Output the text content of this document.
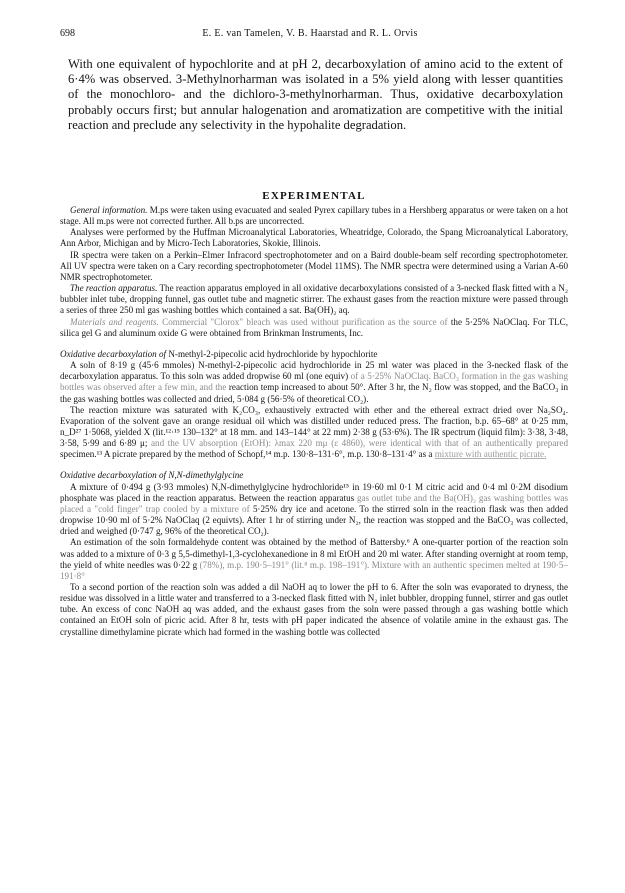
698	E. E. van Tamelen, V. B. Haarstad and R. L. Orvis

With one equivalent of hypochlorite and at pH 2, decarboxylation of amino acid to the extent of 6·4% was observed. 3-Methylnorharman was isolated in a 5% yield along with lesser quantities of the monochloro- and the dichloro-3-methylnorharman. Thus, oxidative decarboxylation probably occurs first; but annular halogenation and aromatization are competitive with the initial reaction and preclude any selectivity in the hypohalite degradation.

EXPERIMENTAL

General information. M.ps were taken using evacuated and sealed Pyrex capillary tubes in a Hershberg apparatus or were taken on a hot stage. All m.ps were not corrected further. All b.ps are uncorrected.

Analyses were performed by the Huffman Microanalytical Laboratories, Wheatridge, Colorado, the Spang Microanalytical Laboratory, Ann Arbor, Michigan and by Micro-Tech Laboratories, Skokie, Illinois.

IR spectra were taken on a Perkin–Elmer Infracord spectrophotometer and on a Baird double-beam self recording spectrophotometer. All UV spectra were taken on a Cary recording spectrophotometer (Model 11MS). The NMR spectra were determined using a Varian A-60 NMR spectrophotometer.

The reaction apparatus. The reaction apparatus employed in all oxidative decarboxylations consisted of a 3-necked flask fitted with a N₂ bubbler inlet tube, dropping funnel, gas outlet tube and magnetic stirrer. The exhaust gases from the reaction mixture were passed through a series of three 250 ml gas washing bottles which contained a sat. Ba(OH)₂ aq.

Materials and reagents. Commercial "Clorox" bleach was used without purification as the source of the 5·25% NaOClaq. For TLC, silica gel G and aluminum oxide G were obtained from Brinkman Instruments, Inc.

Oxidative decarboxylation of N-methyl-2-pipecolic acid hydrochloride by hypochlorite

A soln of 8·19 g (45·6 mmoles) N-methyl-2-pipecolic acid hydrochloride in 25 ml water was placed in the 3-necked flask of the decarboxylation apparatus. To this soln was added dropwise 60 ml (one equiv) of a 5·25% NaOClaq. BaCO₃ formation in the gas washing bottles was observed after a few min, and the reaction temp increased to about 50°. After 3 hr, the N₂ flow was stopped, and the BaCO₃ in the gas washing bottles was collected and dried, 5·084 g (56·5% of theoretical CO₂).

The reaction mixture was saturated with K₂CO₃, exhaustively extracted with ether and the ethereal extract dried over Na₂SO₄. Evaporation of the solvent gave an orange residual oil which was distilled under reduced press. The fraction, b.p. 65–68° at 0·25 mm, n_D²⁷ 1·5068, yielded X (lit.¹²·¹⁵ 130–132° at 18 mm. and 143–144° at 22 mm) 2·38 g (53·6%). The IR spectrum (liquid film): 3·38, 3·48, 3·58, 5·99 and 6·89 μ; and the UV absorption (EtOH): λmax 220 mμ (ε 4860), were identical with that of an authentically prepared specimen.¹³ A picrate prepared by the method of Schopf,¹⁴ m.p. 130·8–131·6°, m.p. 130·8–131·4° as a mixture with authentic picrate.

Oxidative decarboxylation of N,N-dimethylglycine

A mixture of 0·494 g (3·93 mmoles) N,N-dimethylglycine hydrochloride¹⁵ in 19·60 ml 0·1 M citric acid and 0·4 ml 0·2M disodium phosphate was placed in the reaction apparatus. Between the reaction apparatus gas outlet tube and the Ba(OH)₂ gas washing bottles was placed a "cold finger" trap cooled by a mixture of 5·25% dry ice and acetone. To the stirred soln in the reaction flask was then added dropwise 10·90 ml of 5·2% NaOClaq (2 equivts). After 1 hr of stirring under N₂, the reaction was stopped and the BaCO₃ was collected, dried and weighed (0·747 g, 96% of the theoretical CO₂).

An estimation of the soln formaldehyde content was obtained by the method of Battersby.⁶ A one-quarter portion of the reaction soln was added to a mixture of 0·3 g 5,5-dimethyl-1,3-cyclohexanedione in 8 ml EtOH and 20 ml water. After standing overnight at room temp, the yield of white needles was 0·22 g (78%), m.p. 190·5–191° (lit.⁸ m.p. 198–191°). Mixture with an authentic specimen melted at 190·5–191·8°

To a second portion of the reaction soln was added a dil NaOH aq to lower the pH to 6. After the soln was evaporated to dryness, the residue was dissolved in a little water and transferred to a 3-necked flask fitted with N₂ inlet bubbler, dropping funnel, stirrer and gas outlet tube. An excess of conc NaOH aq was added, and the exhaust gases from the soln were passed through a gas washing bottle which contained an EtOH soln of picric acid. After 8 hr, tests with pH paper indicated the absence of volatile amine in the exhaust gas. The crystalline dimethylamine picrate which had formed in the washing bottle was collected
